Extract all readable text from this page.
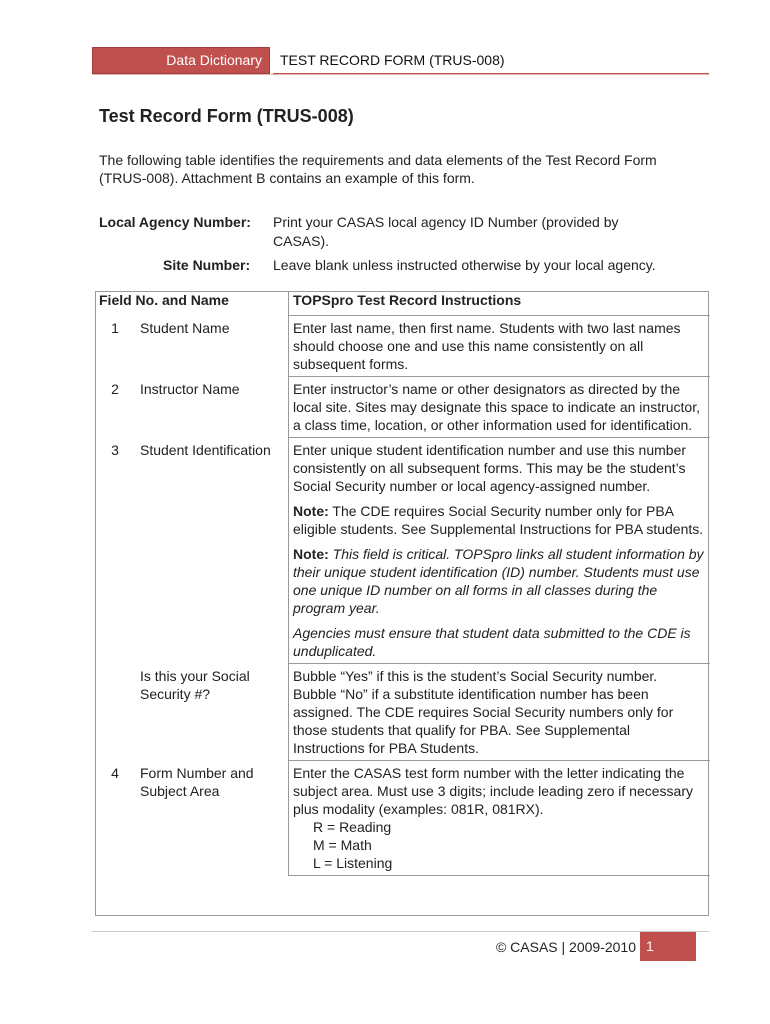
Data Dictionary	TEST RECORD FORM (TRUS-008)
Test Record Form (TRUS-008)

The following table identifies the requirements and data elements of the Test Record Form (TRUS-008). Attachment B contains an example of this form.

Local Agency Number: Print your CASAS local agency ID Number (provided by
CASAS).
Site Number: Leave blank unless instructed otherwise by your local agency.
Field No. and Name		TOPSpro Test Record Instructions
1	Student Name	Enter last name, then first name. Students with two last names should choose one and use this name consistently on all subsequent forms.

2	Instructor Name	Enter instructor’s name or other designators as directed by the local site. Sites may designate this space to indicate an instructor, a class time, location, or other information used for identification.

3	Student Identification	Enter unique student identification number and use this number consistently on all subsequent forms. This may be the student’s Social Security number or local agency-assigned number.

Note: The CDE requires Social Security number only for PBA eligible students. See Supplemental Instructions for PBA students.

Note: This field is critical. TOPSpro links all student information by their unique student identification (ID) number. Students must use one unique ID number on all forms in all classes during the program year.

Agencies must ensure that student data submitted to the CDE is unduplicated.

	Is this your Social Security #?	Bubble “Yes” if this is the student’s Social Security number. Bubble “No” if a substitute identification number has been assigned. The CDE requires Social Security numbers only for those students that qualify for PBA. See Supplemental Instructions for PBA Students.

4	Form Number and Subject Area	Enter the CASAS test form number with the letter indicating the subject area. Must use 3 digits; include leading zero if necessary plus modality (examples: 081R, 081RX).
R = Reading
M = Math
L = Listening
© CASAS | 2009-2010 1
